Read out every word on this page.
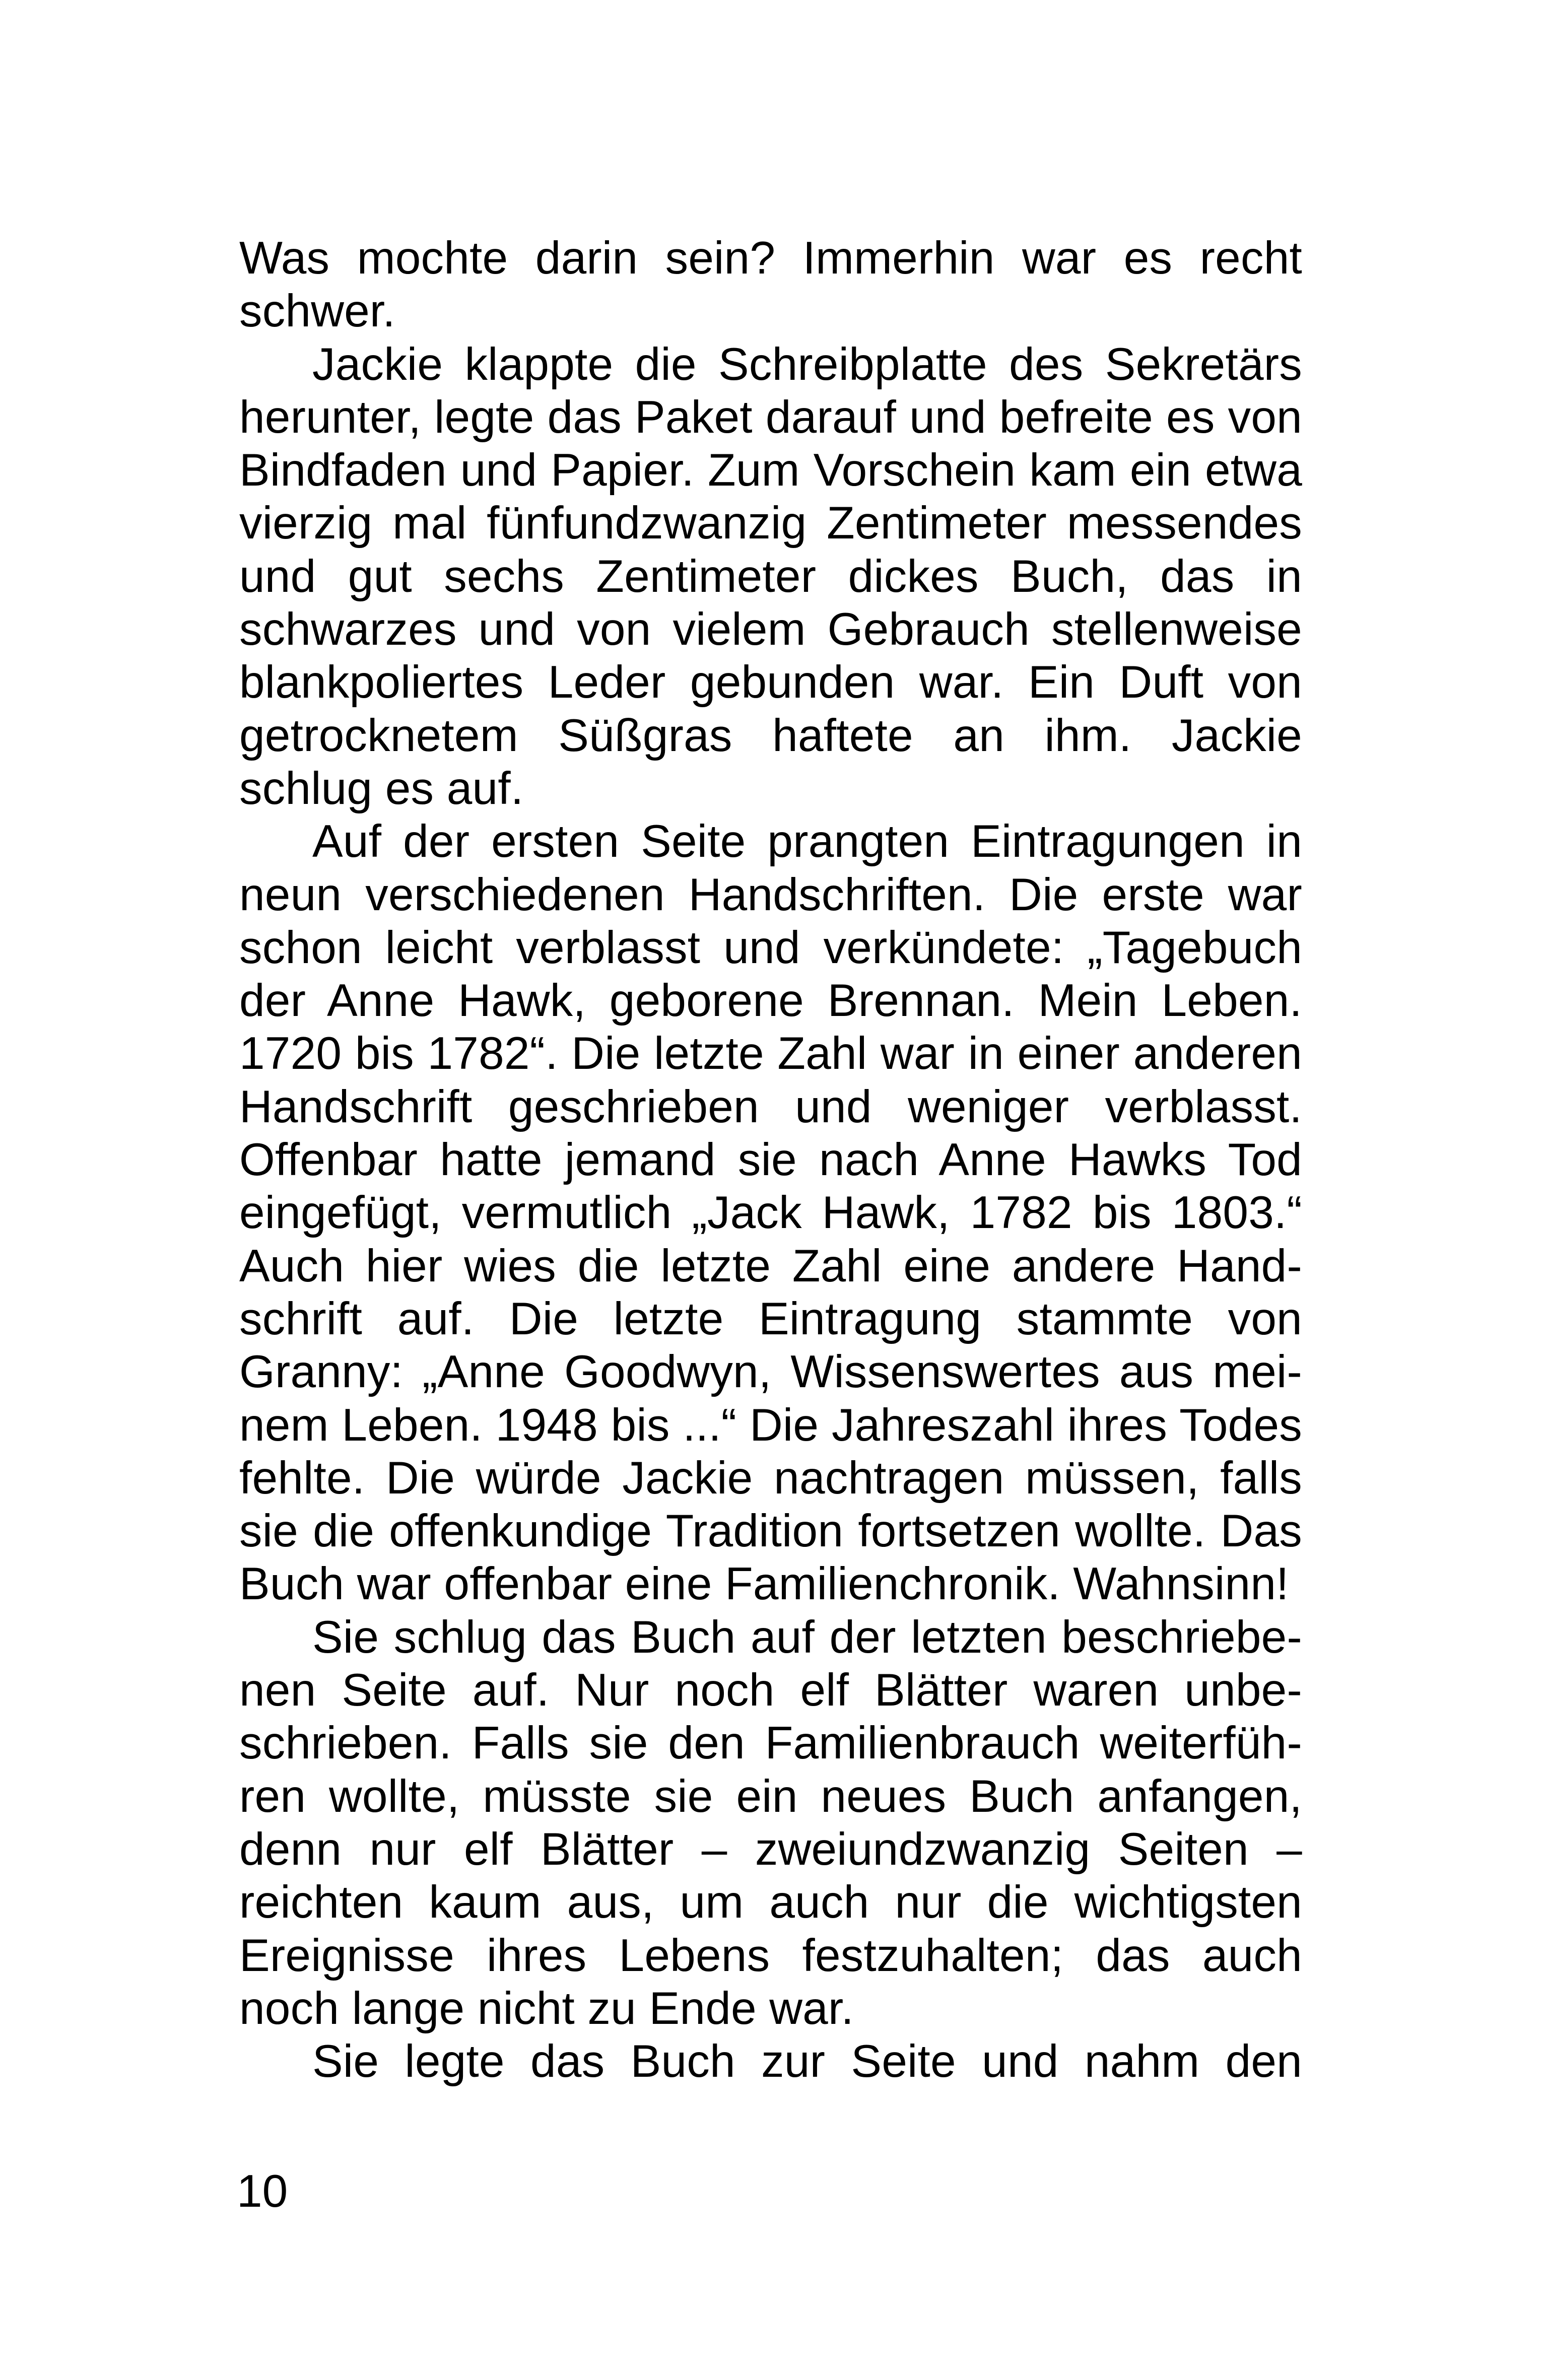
Was mochte darin sein? Immerhin war es recht
schwer.
Jackie klappte die Schreibplatte des Sekretärs
herunter, legte das Paket darauf und befreite es von
Bindfaden und Papier. Zum Vorschein kam ein etwa
vierzig mal fünfundzwanzig Zentimeter messendes
und gut sechs Zentimeter dickes Buch, das in
schwarzes und von vielem Gebrauch stellenweise
blankpoliertes Leder gebunden war. Ein Duft von
getrocknetem Süßgras haftete an ihm. Jackie
schlug es auf.
Auf der ersten Seite prangten Eintragungen in
neun verschiedenen Handschriften. Die erste war
schon leicht verblasst und verkündete: „Tagebuch
der Anne Hawk, geborene Brennan. Mein Leben.
1720 bis 1782“. Die letzte Zahl war in einer anderen
Handschrift geschrieben und weniger verblasst.
Offenbar hatte jemand sie nach Anne Hawks Tod
eingefügt, vermutlich „Jack Hawk, 1782 bis 1803.“
Auch hier wies die letzte Zahl eine andere Hand-
schrift auf. Die letzte Eintragung stammte von
Granny: „Anne Goodwyn, Wissenswertes aus mei-
nem Leben. 1948 bis ...“ Die Jahreszahl ihres Todes
fehlte. Die würde Jackie nachtragen müssen, falls
sie die offenkundige Tradition fortsetzen wollte. Das
Buch war offenbar eine Familienchronik. Wahnsinn!
Sie schlug das Buch auf der letzten beschriebe-
nen Seite auf. Nur noch elf Blätter waren unbe-
schrieben. Falls sie den Familienbrauch weiterfüh-
ren wollte, müsste sie ein neues Buch anfangen,
denn nur elf Blätter – zweiundzwanzig Seiten –
reichten kaum aus, um auch nur die wichtigsten
Ereignisse ihres Lebens festzuhalten; das auch
noch lange nicht zu Ende war.
Sie legte das Buch zur Seite und nahm den
10
